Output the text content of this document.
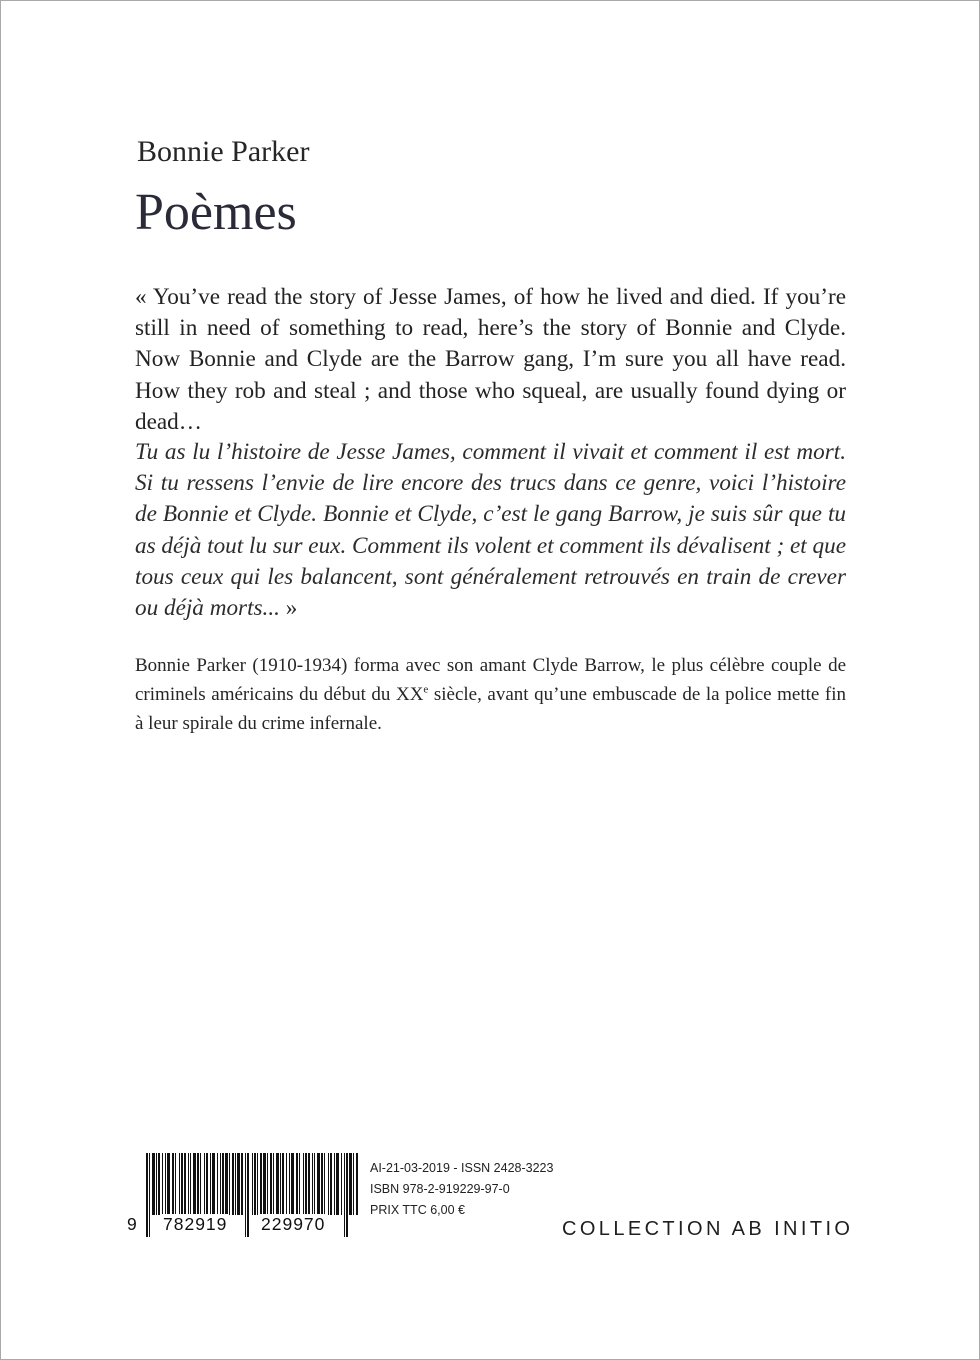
Bonnie Parker
Poèmes

« You’ve read the story of Jesse James, of how he lived and died. If you’re still in need of something to read, here’s the story of Bonnie and Clyde. Now Bonnie and Clyde are the Barrow gang, I’m sure you all have read. How they rob and steal ; and those who squeal, are usually found dying or dead…

Tu as lu l’histoire de Jesse James, comment il vivait et comment il est mort. Si tu ressens l’envie de lire encore des trucs dans ce genre, voici l’histoire de Bonnie et Clyde. Bonnie et Clyde, c’est le gang Barrow, je suis sûr que tu as déjà tout lu sur eux. Comment ils volent et comment ils dévalisent ; et que tous ceux qui les balancent, sont généralement retrouvés en train de crever ou déjà morts... »

Bonnie Parker (1910-1934) forma avec son amant Clyde Barrow, le plus célèbre couple de criminels américains du début du XXe siècle, avant qu’une embuscade de la police mette fin à leur spirale du crime infernale.

9 782919 229970
AI-21-03-2019 - ISSN 2428-3223
ISBN 978-2-919229-97-0
PRIX TTC 6,00 €
COLLECTION AB INITIO
